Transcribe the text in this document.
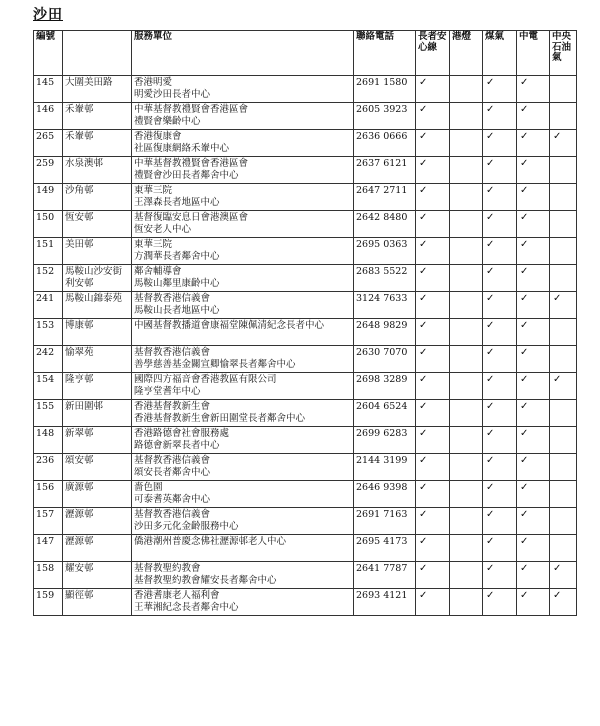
沙田
編號		服務單位	聯絡電話	長者安心線	港燈	煤氣	中電	中央石油氣
145	大圍美田路	香港明愛
明愛沙田長者中心	2691 1580	✓		✓	✓	
146	禾輋邨	中華基督教禮賢會香港區會
禮賢會樂齡中心	2605 3923	✓		✓	✓	
265	禾輋邨	香港復康會
社區復康網絡禾輋中心	2636 0666	✓		✓	✓	✓
259	水泉澳邨	中華基督教禮賢會香港區會
禮賢會沙田長者鄰舍中心	2637 6121	✓		✓	✓	
149	沙角邨	東華三院
王澤森長者地區中心	2647 2711	✓		✓	✓	
150	恆安邨	基督復臨安息日會港澳區會
恆安老人中心	2642 8480	✓		✓	✓	
151	美田邨	東華三院
方潤華長者鄰舍中心	2695 0363	✓		✓	✓	
152	馬鞍山沙安街利安邨	鄰舍輔導會
馬鞍山鄰里康齡中心	2683 5522	✓		✓	✓	
241	馬鞍山錦泰苑	基督教香港信義會
馬鞍山長者地區中心	3124 7633	✓		✓	✓	✓
153	博康邨	中國基督教播道會康福堂陳佩清紀念長者中心	2648 9829	✓		✓	✓	
242	愉翠苑	基督教香港信義會
善學慈善基金關宣卿愉翠長者鄰舍中心	2630 7070	✓		✓	✓	
154	隆亨邨	國際四方福音會香港教區有限公司
隆亨堂耆年中心	2698 3289	✓		✓	✓	✓
155	新田圍邨	香港基督教新生會
香港基督教新生會新田圍堂長者鄰舍中心	2604 6524	✓		✓	✓	
148	新翠邨	香港路德會社會服務處
路德會新翠長者中心	2699 6283	✓		✓	✓	
236	頌安邨	基督教香港信義會
頌安長者鄰舍中心	2144 3199	✓		✓	✓	
156	廣源邨	嗇色園
可泰耆英鄰舍中心	2646 9398	✓		✓	✓	
157	瀝源邨	基督教香港信義會
沙田多元化金齡服務中心	2691 7163	✓		✓	✓	
147	瀝源邨	僑港潮州普慶念佛社瀝源邨老人中心	2695 4173	✓		✓	✓	
158	耀安邨	基督教聖約教會
基督教聖約教會耀安長者鄰舍中心	2641 7787	✓		✓	✓	✓
159	顯徑邨	香港耆康老人福利會
王華湘紀念長者鄰舍中心	2693 4121	✓		✓	✓	✓
